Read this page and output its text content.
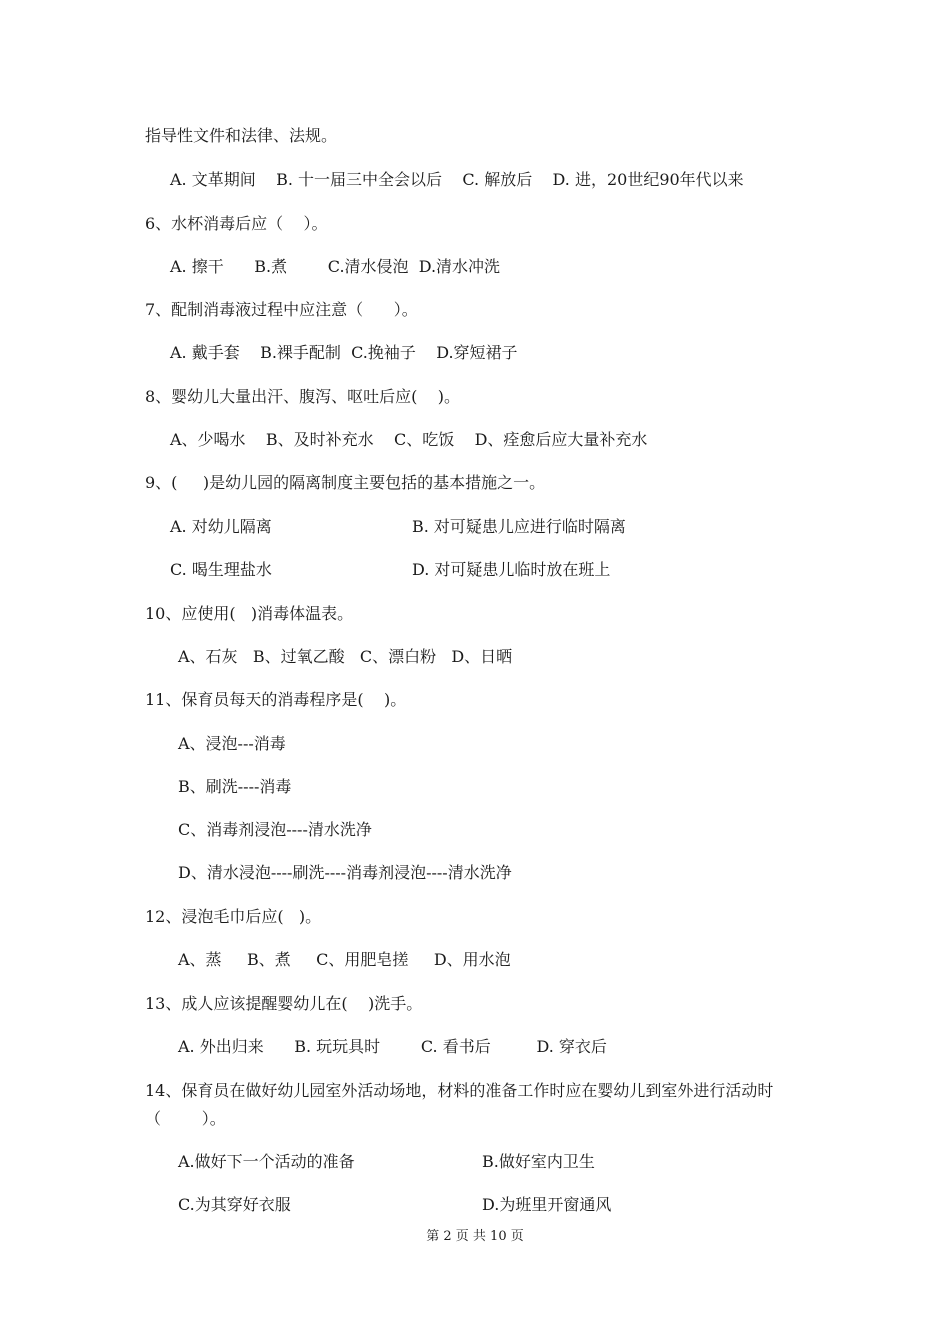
指导性文件和法律、法规。
A. 文革期间    B. 十一届三中全会以后    C. 解放后    D. 进，20世纪90年代以来
6、水杯消毒后应（    ）。
A. 擦干      B.煮        C.清水侵泡  D.清水冲洗
7、配制消毒液过程中应注意（      ）。
A. 戴手套    B.裸手配制  C.挽袖子    D.穿短裙子
8、婴幼儿大量出汗、腹泻、呕吐后应(    )。
A、少喝水    B、及时补充水    C、吃饭    D、痊愈后应大量补充水
9、(     )是幼儿园的隔离制度主要包括的基本措施之一。
A. 对幼儿隔离	B. 对可疑患儿应进行临时隔离
C. 喝生理盐水	D. 对可疑患儿临时放在班上
10、应使用(   )消毒体温表。
A、石灰   B、过氧乙酸   C、漂白粉   D、日晒
11、保育员每天的消毒程序是(    )。
A、浸泡---消毒
B、刷洗----消毒
C、消毒剂浸泡----清水洗净
D、清水浸泡----刷洗----消毒剂浸泡----清水洗净
12、浸泡毛巾后应(   )。
A、蒸     B、煮     C、用肥皂搓     D、用水泡
13、成人应该提醒婴幼儿在(    )洗手。
A. 外出归来      B. 玩玩具时        C. 看书后         D. 穿衣后
14、保育员在做好幼儿园室外活动场地，材料的准备工作时应在婴幼儿到室外进行活动时
（        ）。
A.做好下一个活动的准备	B.做好室内卫生
C.为其穿好衣服	D.为班里开窗通风
第 2 页 共 10 页
